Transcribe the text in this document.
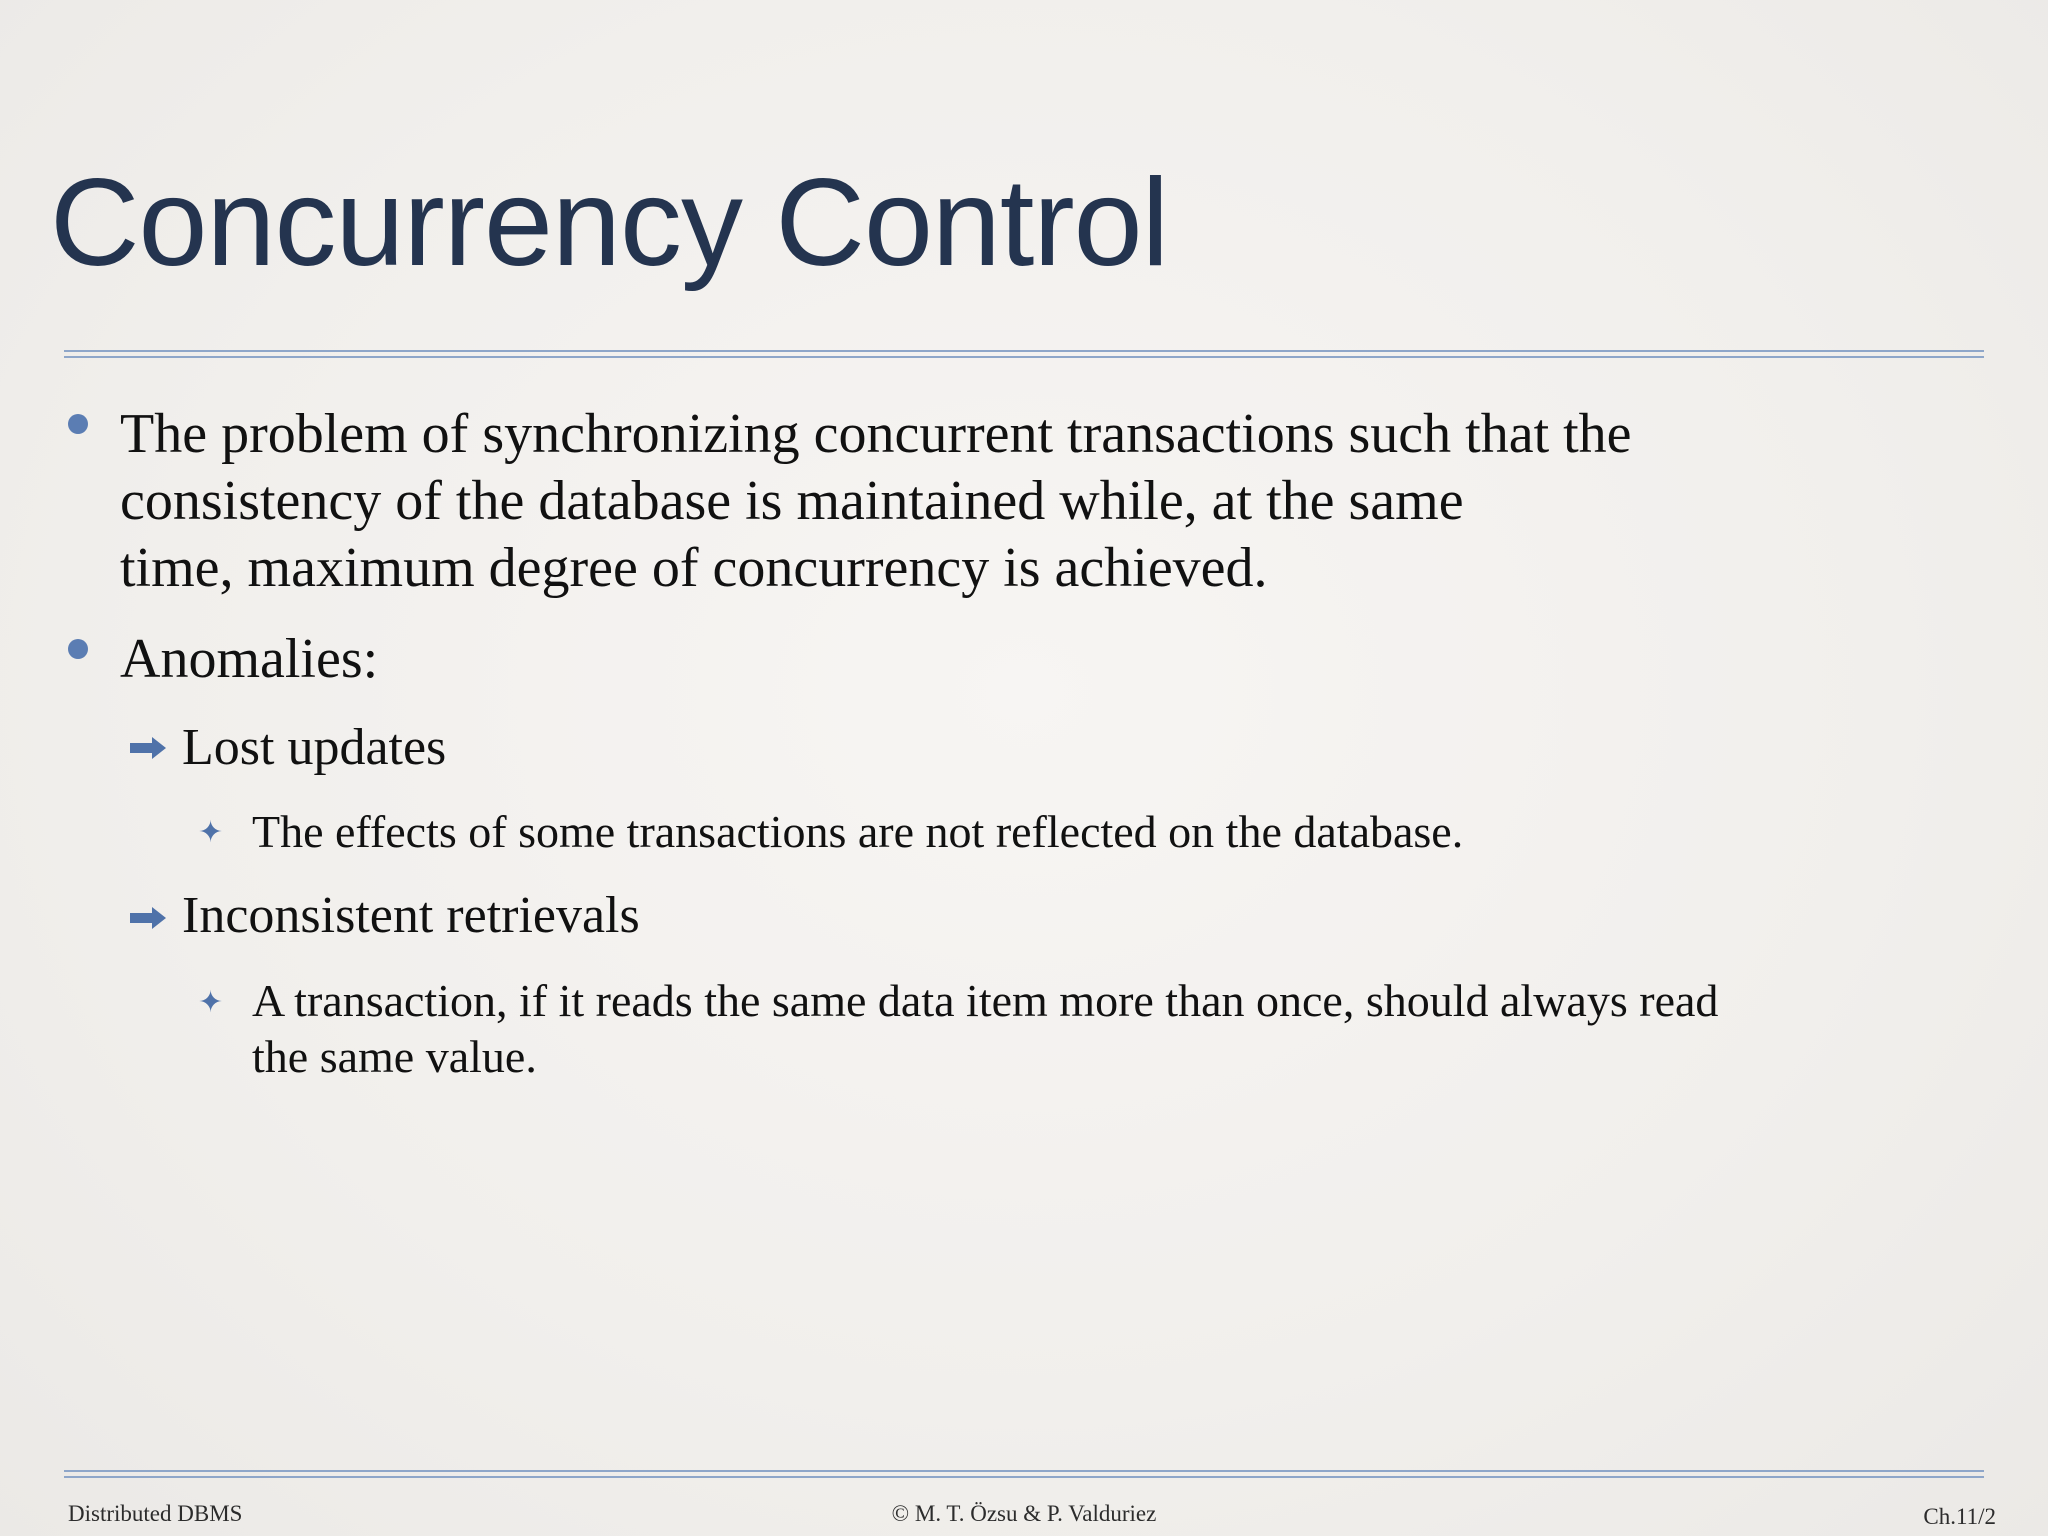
Concurrency Control
The problem of synchronizing concurrent transactions such that the
consistency of the database is maintained while, at the same
time, maximum degree of concurrency is achieved.
Anomalies:
Lost updates
✦ The effects of some transactions are not reflected on the database.
Inconsistent retrievals
✦ A transaction, if it reads the same data item more than once, should always read
the same value.
Distributed DBMS	© M. T. Özsu & P. Valduriez	Ch.11/2
